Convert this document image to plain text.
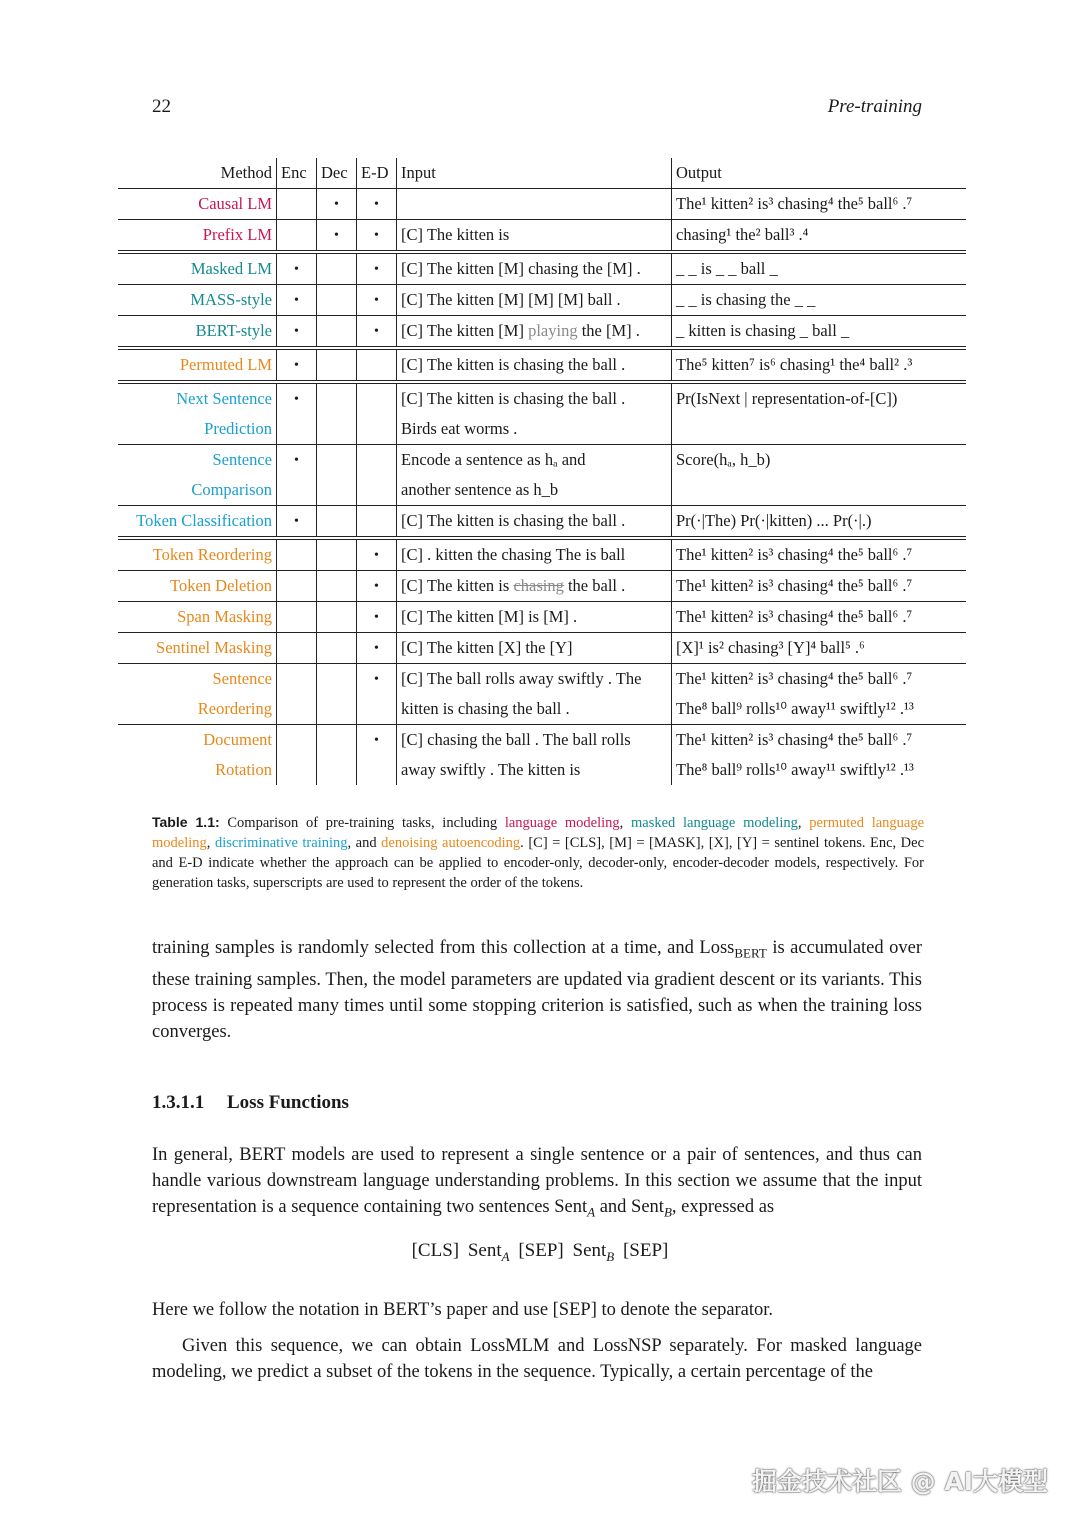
22	Pre-training
Method	Enc	Dec	E-D	Input	Output
Causal LM		•	•		The¹ kitten² is³ chasing⁴ the⁵ ball⁶ .⁷
Prefix LM		•	•	[C] The kitten is	chasing¹ the² ball³ .⁴
Masked LM	•		•	[C] The kitten [M] chasing the [M] .	_ _ is _ _ ball _
MASS-style	•		•	[C] The kitten [M] [M] [M] ball .	_ _ is chasing the _ _
BERT-style	•		•	[C] The kitten [M] playing the [M] .	_ kitten is chasing _ ball _
Permuted LM	•			[C] The kitten is chasing the ball .	The⁵ kitten⁷ is⁶ chasing¹ the⁴ ball² .³
Next Sentence	•			[C] The kitten is chasing the ball .	Pr(IsNext | representation-of-[C])
Prediction				Birds eat worms .	
Sentence	•			Encode a sentence as hₐ and	Score(hₐ, h_b)
Comparison				another sentence as h_b	
Token Classification	•			[C] The kitten is chasing the ball .	Pr(·|The) Pr(·|kitten) ... Pr(·|.)
Token Reordering			•	[C] . kitten the chasing The is ball	The¹ kitten² is³ chasing⁴ the⁵ ball⁶ .⁷
Token Deletion			•	[C] The kitten is chasing the ball .	The¹ kitten² is³ chasing⁴ the⁵ ball⁶ .⁷
Span Masking			•	[C] The kitten [M] is [M] .	The¹ kitten² is³ chasing⁴ the⁵ ball⁶ .⁷
Sentinel Masking			•	[C] The kitten [X] the [Y]	[X]¹ is² chasing³ [Y]⁴ ball⁵ .⁶
Sentence			•	[C] The ball rolls away swiftly . The	The¹ kitten² is³ chasing⁴ the⁵ ball⁶ .⁷
Reordering				kitten is chasing the ball .	The⁸ ball⁹ rolls¹⁰ away¹¹ swiftly¹² .¹³
Document			•	[C] chasing the ball . The ball rolls	The¹ kitten² is³ chasing⁴ the⁵ ball⁶ .⁷
Rotation				away swiftly . The kitten is	The⁸ ball⁹ rolls¹⁰ away¹¹ swiftly¹² .¹³
Table 1.1: Comparison of pre-training tasks, including language modeling, masked language modeling, permuted language modeling, discriminative training, and denoising autoencoding. [C] = [CLS], [M] = [MASK], [X], [Y] = sentinel tokens. Enc, Dec and E-D indicate whether the approach can be applied to encoder-only, decoder-only, encoder-decoder models, respectively. For generation tasks, superscripts are used to represent the order of the tokens.
training samples is randomly selected from this collection at a time, and Loss$_{BERT}$ is accumulated over these training samples. Then, the model parameters are updated via gradient descent or its variants. This process is repeated many times until some stopping criterion is satisfied, such as when the training loss converges.
1.3.1.1 Loss Functions
In general, BERT models are used to represent a single sentence or a pair of sentences, and thus can handle various downstream language understanding problems. In this section we assume that the input representation is a sequence containing two sentences Sent$_A$ and Sent$_B$, expressed as
[CLS] Sent$_A$ [SEP] Sent$_B$ [SEP]
Here we follow the notation in BERT’s paper and use [SEP] to denote the separator.
Given this sequence, we can obtain LossMLM and LossNSP separately. For masked language modeling, we predict a subset of the tokens in the sequence. Typically, a certain percentage of the
掘金技术社区 @ AI大模型
